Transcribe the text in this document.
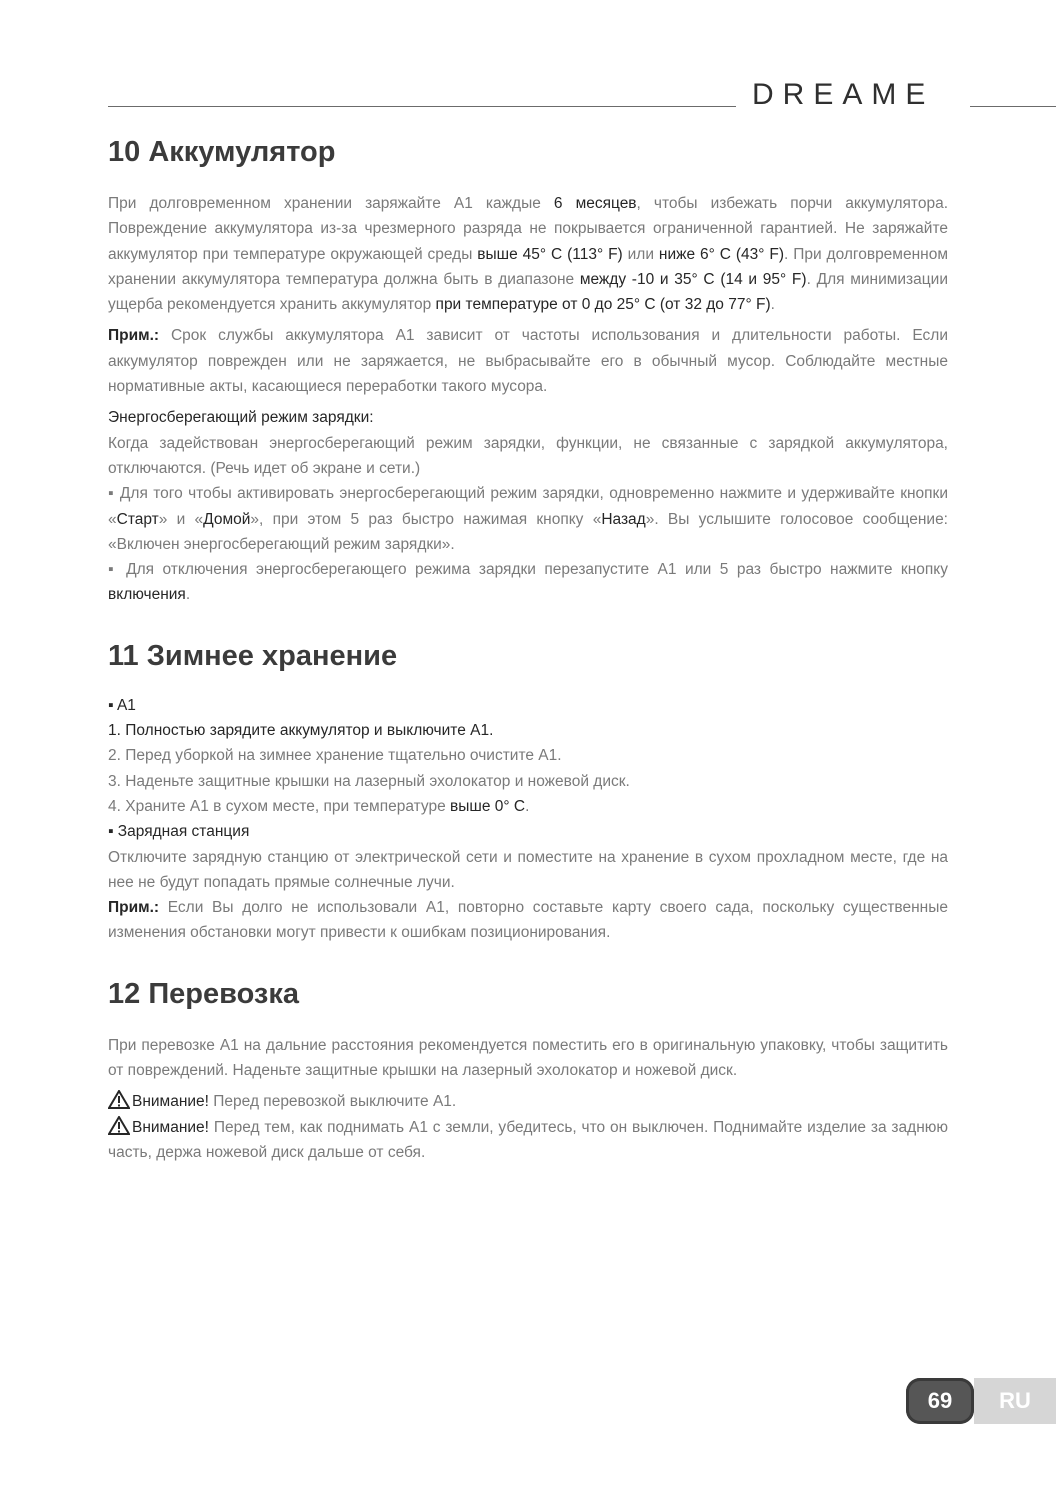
DREAME
10 Аккумулятор

При долговременном хранении заряжайте A1 каждые 6 месяцев, чтобы избежать порчи аккумулятора. Повреждение аккумулятора из-за чрезмерного разряда не покрывается ограниченной гарантией. Не заряжайте аккумулятор при температуре окружающей среды выше 45° C (113° F) или ниже 6° C (43° F). При долговременном хранении аккумулятора температура должна быть в диапазоне между -10 и 35° C (14 и 95° F). Для минимизации ущерба рекомендуется хранить аккумулятор при температуре от 0 до 25° C (от 32 до 77° F).

Прим.: Срок службы аккумулятора A1 зависит от частоты использования и длительности работы. Если аккумулятор поврежден или не заряжается, не выбрасывайте его в обычный мусор. Соблюдайте местные нормативные акты, касающиеся переработки такого мусора.

Энергосберегающий режим зарядки:

Когда задействован энергосберегающий режим зарядки, функции, не связанные с зарядкой аккумулятора, отключаются. (Речь идет об экране и сети.)

▪ Для того чтобы активировать энергосберегающий режим зарядки, одновременно нажмите и удерживайте кнопки «Старт» и «Домой», при этом 5 раз быстро нажимая кнопку «Назад». Вы услышите голосовое сообщение: «Включен энергосберегающий режим зарядки».

▪ Для отключения энергосберегающего режима зарядки перезапустите A1 или 5 раз быстро нажмите кнопку включения.

11 Зимнее хранение

▪ A1

1. Полностью зарядите аккумулятор и выключите A1.

2. Перед уборкой на зимнее хранение тщательно очистите A1.

3. Наденьте защитные крышки на лазерный эхолокатор и ножевой диск.

4. Храните A1 в сухом месте, при температуре выше 0° C.

▪ Зарядная станция

Отключите зарядную станцию от электрической сети и поместите на хранение в сухом прохладном месте, где на нее не будут попадать прямые солнечные лучи.

Прим.: Если Вы долго не использовали A1, повторно составьте карту своего сада, поскольку существенные изменения обстановки могут привести к ошибкам позиционирования.

12 Перевозка

При перевозке A1 на дальние расстояния рекомендуется поместить его в оригинальную упаковку, чтобы защитить от повреждений. Наденьте защитные крышки на лазерный эхолокатор и ножевой диск.

Внимание! Перед перевозкой выключите A1.

Внимание! Перед тем, как поднимать A1 с земли, убедитесь, что он выключен. Поднимайте изделие за заднюю часть, держа ножевой диск дальше от себя.

RU
69
